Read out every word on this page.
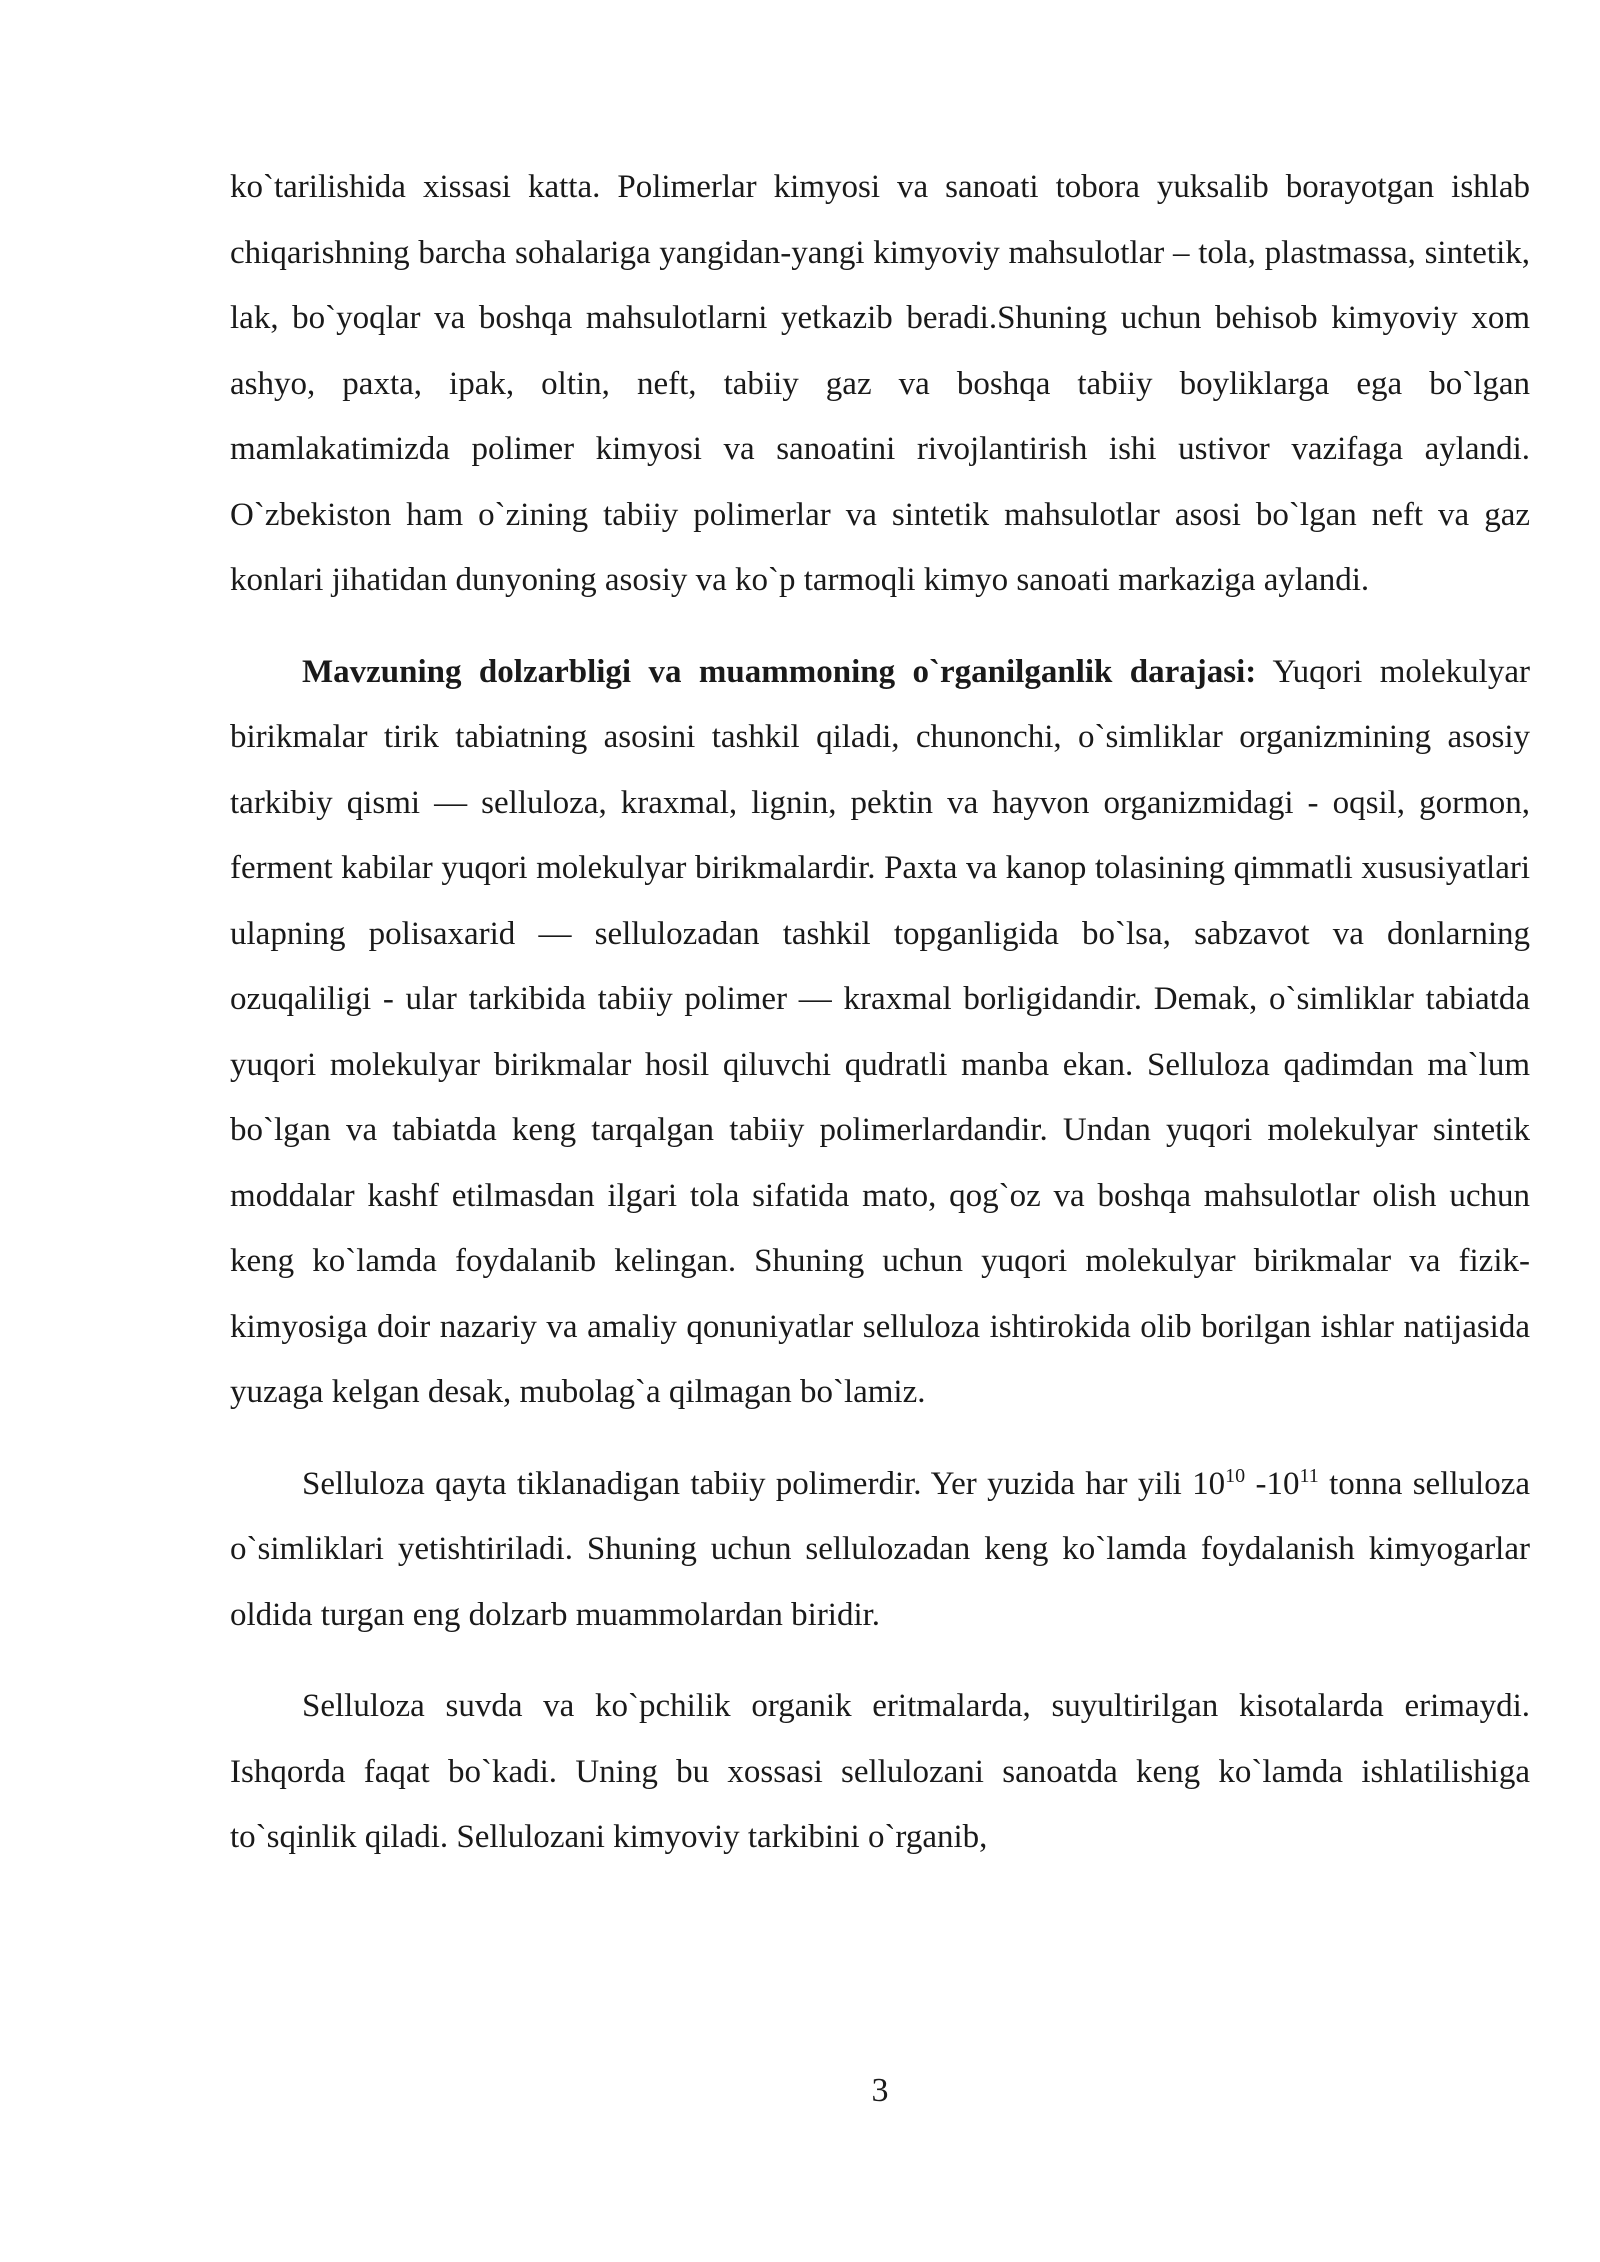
ko`tarilishida xissasi katta. Polimerlar kimyosi va sanoati tobora yuksalib borayotgan ishlab chiqarishning barcha sohalariga yangidan-yangi kimyoviy mahsulotlar – tola, plastmassa, sintetik, lak, bo`yoqlar va boshqa mahsulotlarni yetkazib beradi.Shuning uchun behisob kimyoviy xom ashyo, paxta, ipak, oltin, neft, tabiiy gaz va boshqa tabiiy boyliklarga ega bo`lgan mamlakatimizda polimer kimyosi va sanoatini rivojlantirish ishi ustivor vazifaga aylandi. O`zbekiston ham o`zining tabiiy polimerlar va sintetik mahsulotlar asosi bo`lgan neft va gaz konlari jihatidan dunyoning asosiy va ko`p tarmoqli kimyo sanoati markaziga aylandi.

Mavzuning dolzarbligi va muammoning o`rganilganlik darajasi: Yuqori molekulyar birikmalar tirik tabiatning asosini tashkil qiladi, chunonchi, o`simliklar organizmining asosiy tarkibiy qismi — selluloza, kraxmal, lignin, pektin va hayvon organizmidagi - oqsil, gormon, ferment kabilar yuqori molekulyar birikmalardir. Paxta va kanop tolasining qimmatli xususiyatlari ulapning polisaxarid — sellulozadan tashkil topganligida bo`lsa, sabzavot va donlarning ozuqaliligi - ular tarkibida tabiiy polimer — kraxmal borligidandir. Demak, o`simliklar tabiatda yuqori molekulyar birikmalar hosil qiluvchi qudratli manba ekan. Selluloza qadimdan ma`lum bo`lgan va tabiatda keng tarqalgan tabiiy polimerlardandir. Undan yuqori molekulyar sintetik moddalar kashf etilmasdan ilgari tola sifatida mato, qog`oz va boshqa mahsulotlar olish uchun keng ko`lamda foydalanib kelingan. Shuning uchun yuqori molekulyar birikmalar va fizik-kimyosiga doir nazariy va amaliy qonuniyatlar selluloza ishtirokida olib borilgan ishlar natijasida yuzaga kelgan desak, mubolag`a qilmagan bo`lamiz.

Selluloza qayta tiklanadigan tabiiy polimerdir. Yer yuzida har yili $10^{10}$ $-10^{11}$ tonna selluloza o`simliklari yetishtiriladi. Shuning uchun sellulozadan keng ko`lamda foydalanish kimyogarlar oldida turgan eng dolzarb muammolardan biridir.

Selluloza suvda va ko`pchilik organik eritmalarda, suyultirilgan kisotalarda erimaydi. Ishqorda faqat bo`kadi. Uning bu xossasi sellulozani sanoatda keng ko`lamda ishlatilishiga to`sqinlik qiladi. Sellulozani kimyoviy tarkibini o`rganib,

3
